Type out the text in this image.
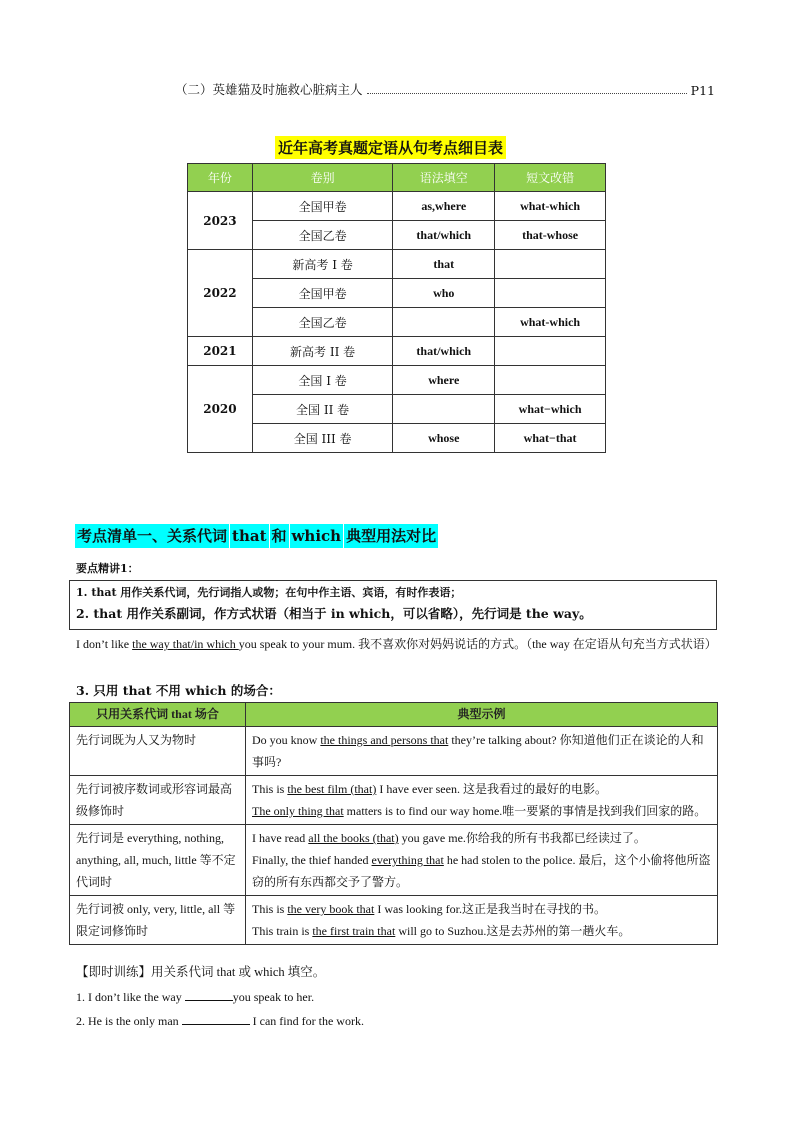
（二）英雄猫及时施救心脏病主人	P11
近年高考真题定语从句考点细目表
年份	卷别	语法填空	短文改错
2023	全国甲卷	as,where	what-which
	全国乙卷	that/which	that-whose
2022	新高考 I 卷	that	
	全国甲卷	who	
	全国乙卷		what-which
2021	新高考 II 卷	that/which	
2020	全国 I 卷	where	
	全国 II 卷		what−which
	全国 III 卷	whose	what−that
考点清单一、关系代词 that 和 which 典型用法对比
要点精讲1：
1. that 用作关系代词，先行词指人或物；在句中作主语、宾语，有时作表语；
2. that 用作关系副词，作方式状语（相当于 in which，可以省略），先行词是 the way。
I don’t like the way that/in which you speak to your mum. 我不喜欢你对妈妈说话的方式。（the way 在定语从句充当方式状语）
3. 只用 that 不用 which 的场合：
只用关系代词 that 场合	典型示例
先行词既为人又为物时	Do you know the things and persons that they’re talking about? 你知道他们正在谈论的人和事吗?

先行词被序数词或形容词最高级修饰时	This is the best film (that) I have ever seen. 这是我看过的最好的电影。
The only thing that matters is to find our way home.唯一要紧的事情是找到我们回家的路。

先行词是 everything, nothing, anything, all, much, little 等不定代词时	I have read all the books (that) you gave me.你给我的所有书我都已经读过了。
Finally, the thief handed everything that he had stolen to the police. 最后，这个小偷将他所盗窃的所有东西都交予了警方。

先行词被 only, very, little, all 等限定词修饰时	This is the very book that I was looking for.这正是我当时在寻找的书。
This train is the first train that will go to Suzhou.这是去苏州的第一趟火车。
【即时训练】用关系代词 that 或 which 填空。
1. I don’t like the way	you speak to her.
2. He is the only man	I can find for the work.
